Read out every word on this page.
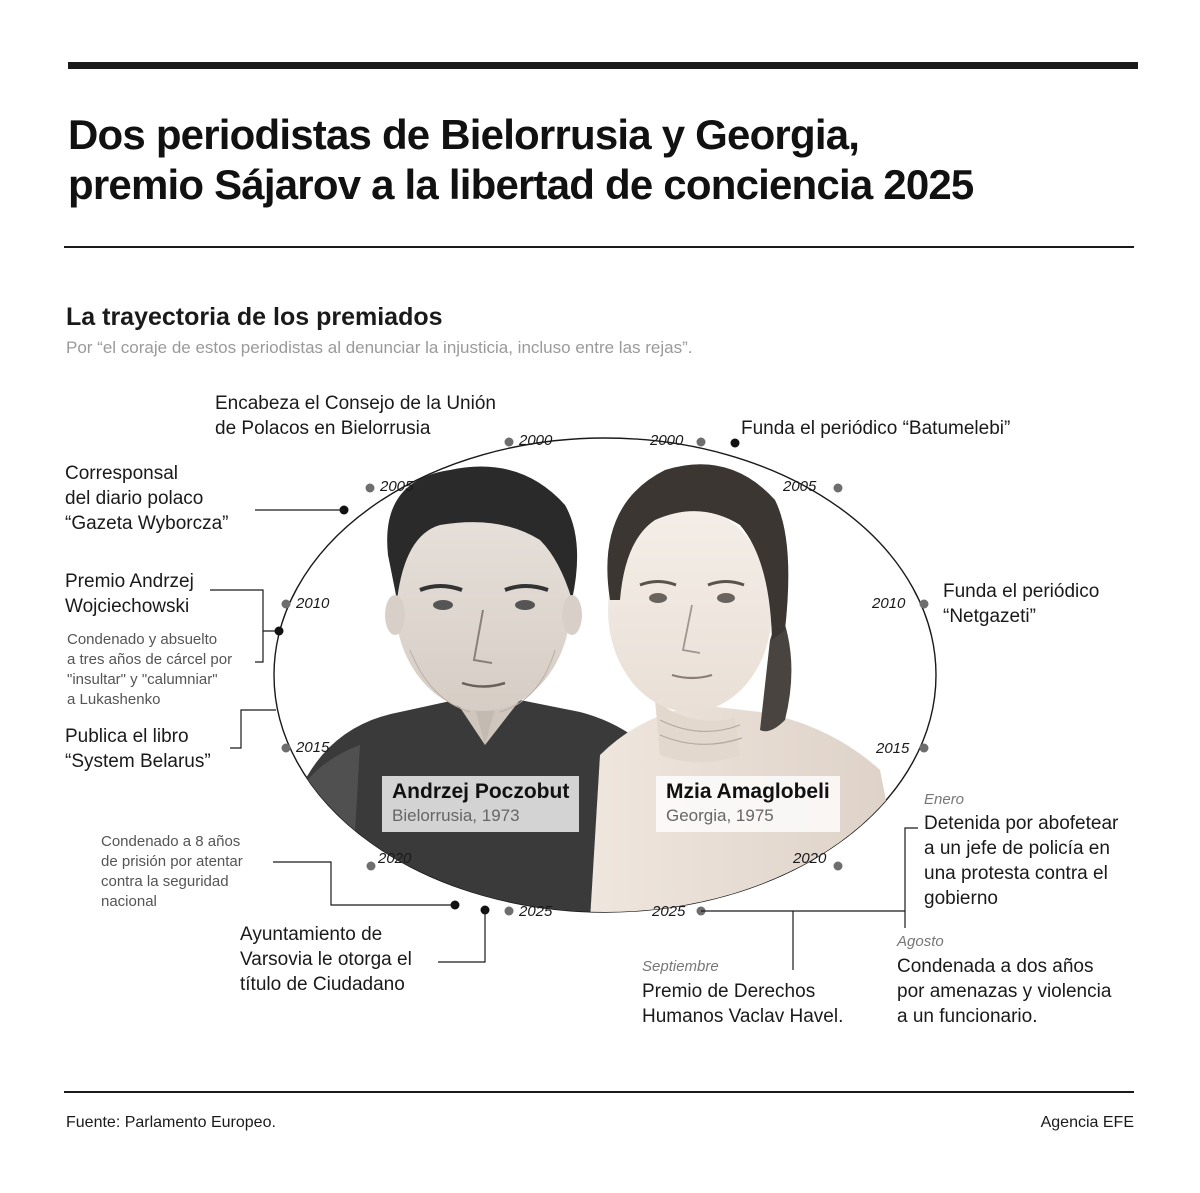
Dos periodistas de Bielorrusia y Georgia,
premio Sájarov a la libertad de conciencia 2025
La trayectoria de los premiados
Por “el coraje de estos periodistas al denunciar la injusticia, incluso entre las rejas”.
2000
2005
2010
2015
2020
2025
2000
2005
2010
2015
2020
2025
Andrzej Poczobut
Bielorrusia, 1973
Mzia Amaglobeli
Georgia, 1975
Encabeza el Consejo de la Unión
de Polacos en Bielorrusia
Corresponsal
del diario polaco
“Gazeta Wyborcza”
Premio Andrzej
Wojciechowski
Condenado y absuelto
a tres años de cárcel por
"insultar" y "calumniar"
a Lukashenko
Publica el libro
“System Belarus”
Condenado a 8 años
de prisión por atentar
contra la seguridad
nacional
Ayuntamiento de
Varsovia le otorga el
título de Ciudadano
Funda el periódico “Batumelebi”
Funda el periódico
“Netgazeti”
Enero
Detenida por abofetear
a un jefe de policía en
una protesta contra el
gobierno
Agosto
Condenada a dos años
por amenazas y violencia
a un funcionario.
Septiembre
Premio de Derechos
Humanos Vaclav Havel.
Fuente: Parlamento Europeo.	Agencia EFE
